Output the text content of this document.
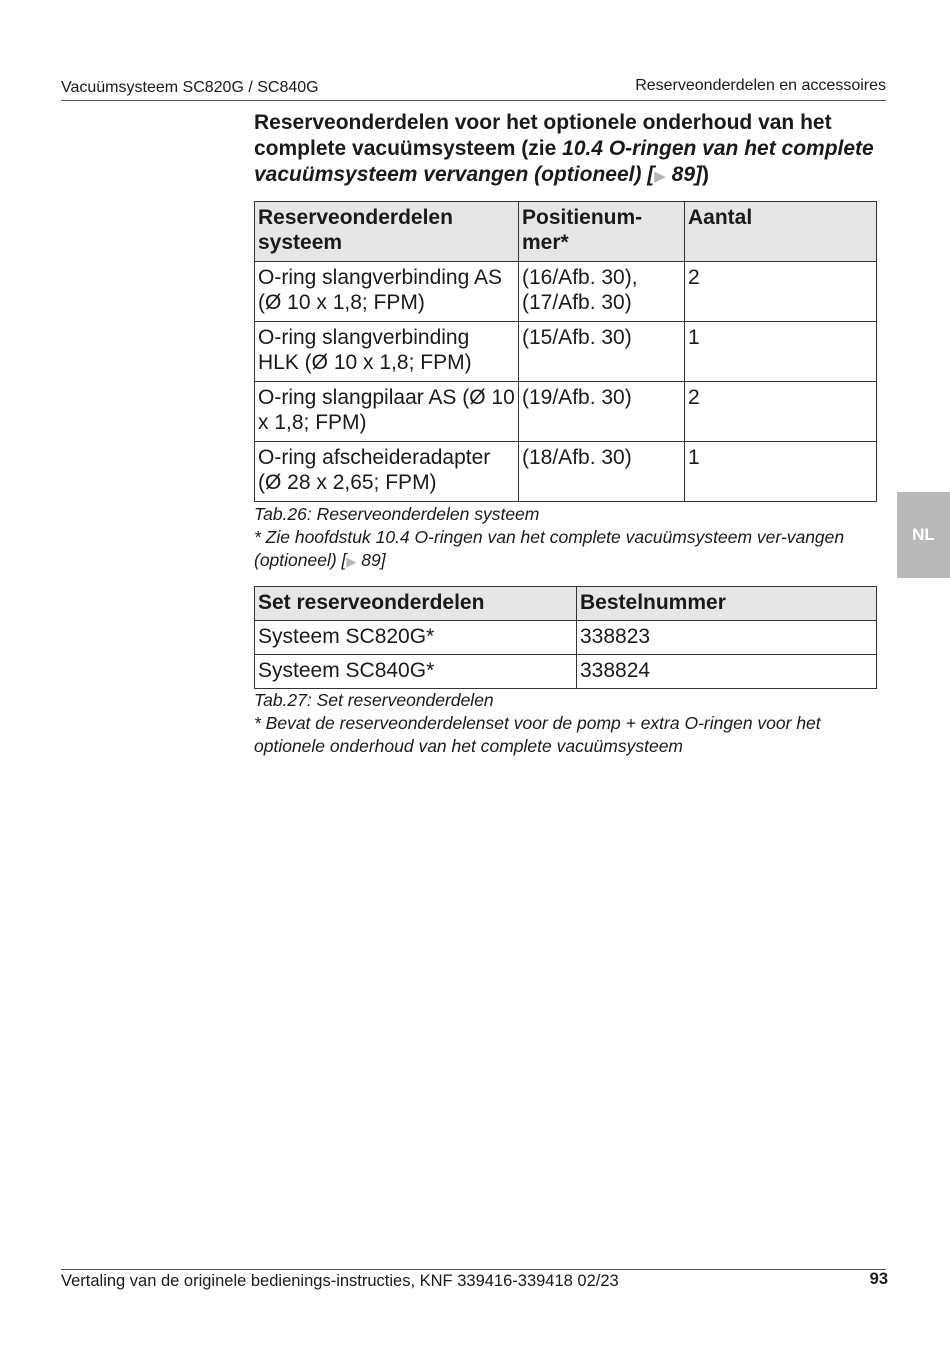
Vacuümsysteem SC820G / SC840G	Reserveonderdelen en accessoires
Reserveonderdelen voor het optionele onderhoud van het complete vacuümsysteem (zie 10.4 O-ringen van het complete vacuümsysteem vervangen (optioneel) [▶ 89])
Reserveonderdelen systeem	Positienum-mer*	Aantal
O-ring slangverbinding AS (Ø 10 x 1,8; FPM)	(16/Afb. 30), (17/Afb. 30)	2
O-ring slangverbinding HLK (Ø 10 x 1,8; FPM)	(15/Afb. 30)	1
O-ring slangpilaar AS (Ø 10 x 1,8; FPM)	(19/Afb. 30)	2
O-ring afscheideradapter (Ø 28 x 2,65; FPM)	(18/Afb. 30)	1
Tab.26: Reserveonderdelen systeem
* Zie hoofdstuk 10.4 O-ringen van het complete vacuümsysteem ver-vangen (optioneel) [▶ 89]
Set reserveonderdelen	Bestelnummer
Systeem SC820G*	338823
Systeem SC840G*	338824
Tab.27: Set reserveonderdelen
* Bevat de reserveonderdelenset voor de pomp + extra O-ringen voor het optionele onderhoud van het complete vacuümsysteem
NL
Vertaling van de originele bedienings-instructies, KNF 339416-339418 02/23	93
